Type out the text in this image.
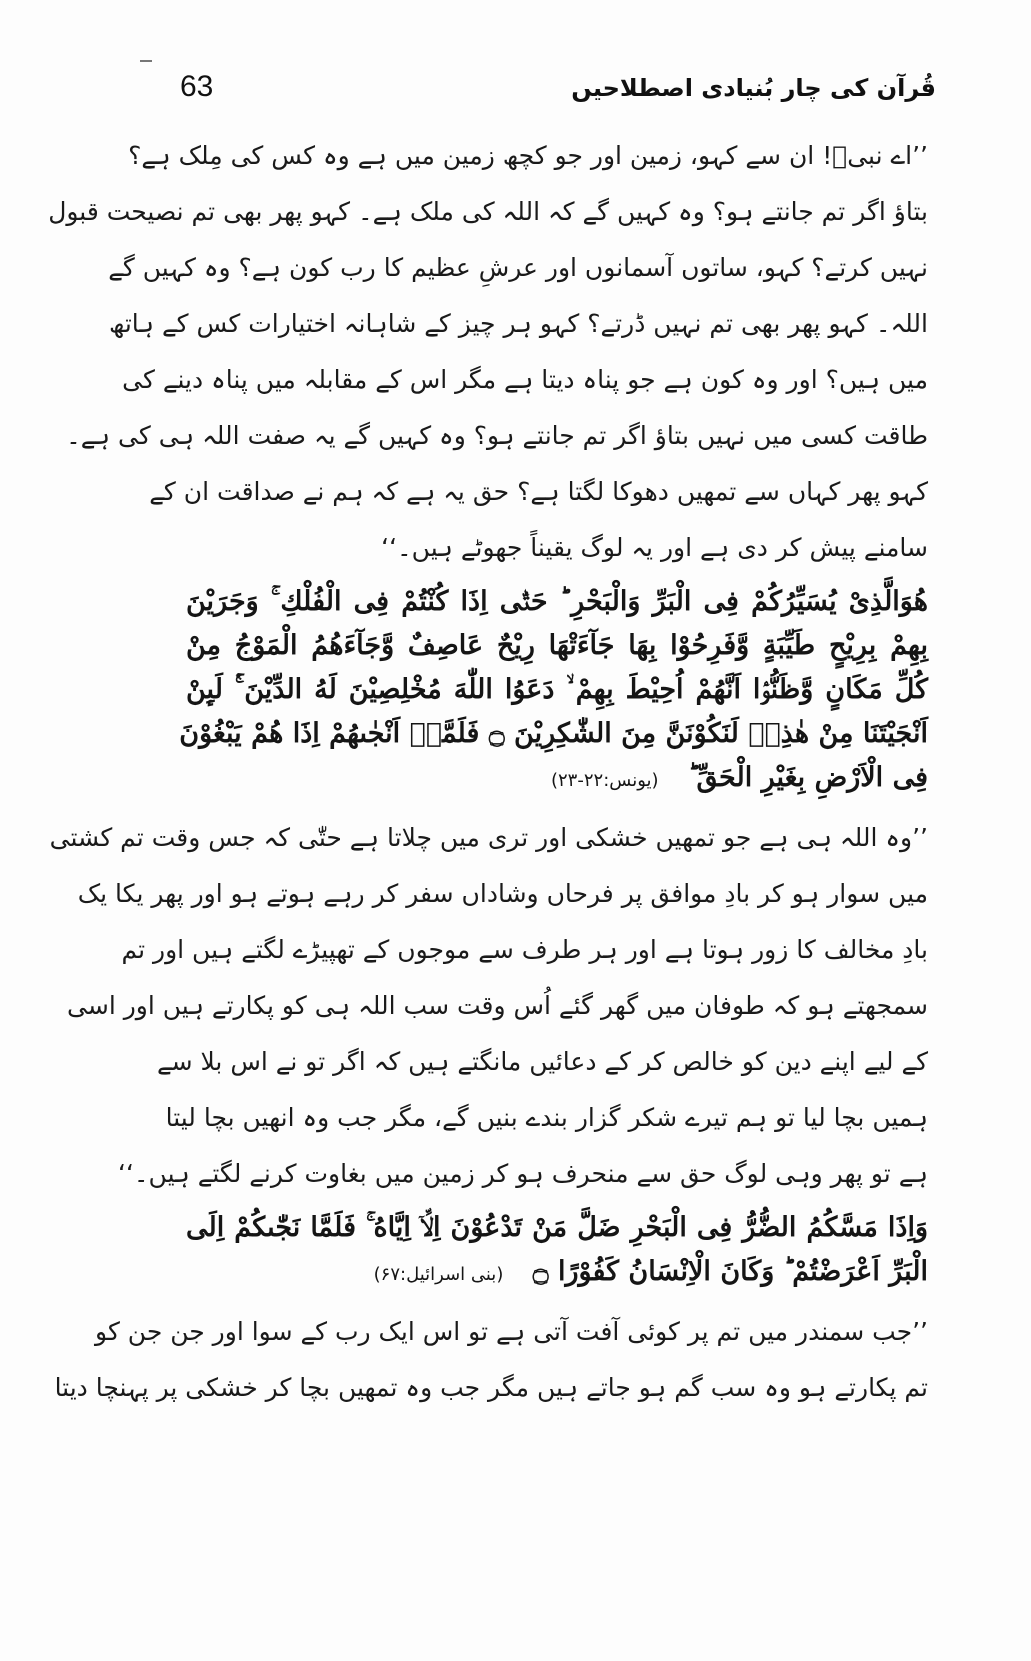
63	قُرآن کی چار بُنیادی اصطلاحیں
’’اے نبیؐ! ان سے کہو، زمین اور جو کچھ زمین میں ہے وہ کس کی مِلک ہے؟
بتاؤ اگر تم جانتے ہو؟ وہ کہیں گے کہ اللہ کی ملک ہے۔ کہو پھر بھی تم نصیحت قبول
نہیں کرتے؟ کہو، ساتوں آسمانوں اور عرشِ عظیم کا رب کون ہے؟ وہ کہیں گے
اللہ۔ کہو پھر بھی تم نہیں ڈرتے؟ کہو ہر چیز کے شاہانہ اختیارات کس کے ہاتھ
میں ہیں؟ اور وہ کون ہے جو پناہ دیتا ہے مگر اس کے مقابلہ میں پناہ دینے کی
طاقت کسی میں نہیں بتاؤ اگر تم جانتے ہو؟ وہ کہیں گے یہ صفت اللہ ہی کی ہے۔
کہو پھر کہاں سے تمھیں دھوکا لگتا ہے؟ حق یہ ہے کہ ہم نے صداقت ان کے
سامنے پیش کر دی ہے اور یہ لوگ یقیناً جھوٹے ہیں۔‘‘
هُوَالَّذِیْ یُسَیِّرُكُمْ فِی الْبَرِّ وَالْبَحْرِ ؕ حَتّٰۤى اِذَا كُنْتُمْ فِی الْفُلْكِ ۚ وَجَرَیْنَ
بِهِمْ بِرِیْحٍ طَیِّبَةٍ وَّفَرِحُوْا بِهَا جَآءَتْهَا رِیْحٌ عَاصِفٌ وَّجَآءَهُمُ الْمَوْجُ مِنْ
كُلِّ مَكَانٍ وَّظَنُّوْۤا اَنَّهُمْ اُحِیْطَ بِهِمْ ۙ دَعَوُا اللّٰهَ مُخْلِصِیْنَ لَهُ الدِّیْنَ ۚ۬ لَىِٕنْ
اَنْجَیْتَنَا مِنْ هٰذِهٖ لَنَكُوْنَنَّ مِنَ الشّٰكِرِیْنَ ۝ فَلَمَّاۤ اَنْجٰىهُمْ اِذَا هُمْ یَبْغُوْنَ
فِی الْاَرْضِ بِغَیْرِ الْحَقِّ ؕ (یونس:۲۲-۲۳)
’’وہ اللہ ہی ہے جو تمھیں خشکی اور تری میں چلاتا ہے حتّٰی کہ جس وقت تم کشتی
میں سوار ہو کر بادِ موافق پر فرحاں وشاداں سفر کر رہے ہوتے ہو اور پھر یکا یک
بادِ مخالف کا زور ہوتا ہے اور ہر طرف سے موجوں کے تھپیڑے لگتے ہیں اور تم
سمجھتے ہو کہ طوفان میں گھر گئے اُس وقت سب اللہ ہی کو پکارتے ہیں اور اسی
کے لیے اپنے دین کو خالص کر کے دعائیں مانگتے ہیں کہ اگر تو نے اس بلا سے
ہمیں بچا لیا تو ہم تیرے شکر گزار بندے بنیں گے، مگر جب وہ انھیں بچا لیتا
ہے تو پھر وہی لوگ حق سے منحرف ہو کر زمین میں بغاوت کرنے لگتے ہیں۔‘‘
وَاِذَا مَسَّكُمُ الضُّرُّ فِی الْبَحْرِ ضَلَّ مَنْ تَدْعُوْنَ اِلَّاۤ اِیَّاهُ ۚ فَلَمَّا نَجّٰىكُمْ اِلَى
الْبَرِّ اَعْرَضْتُمْ ؕ وَكَانَ الْاِنْسَانُ كَفُوْرًا ۝ (بنی اسرائیل:۶۷)
’’جب سمندر میں تم پر کوئی آفت آتی ہے تو اس ایک رب کے سوا اور جن جن کو
تم پکارتے ہو وہ سب گم ہو جاتے ہیں مگر جب وہ تمھیں بچا کر خشکی پر پہنچا دیتا
